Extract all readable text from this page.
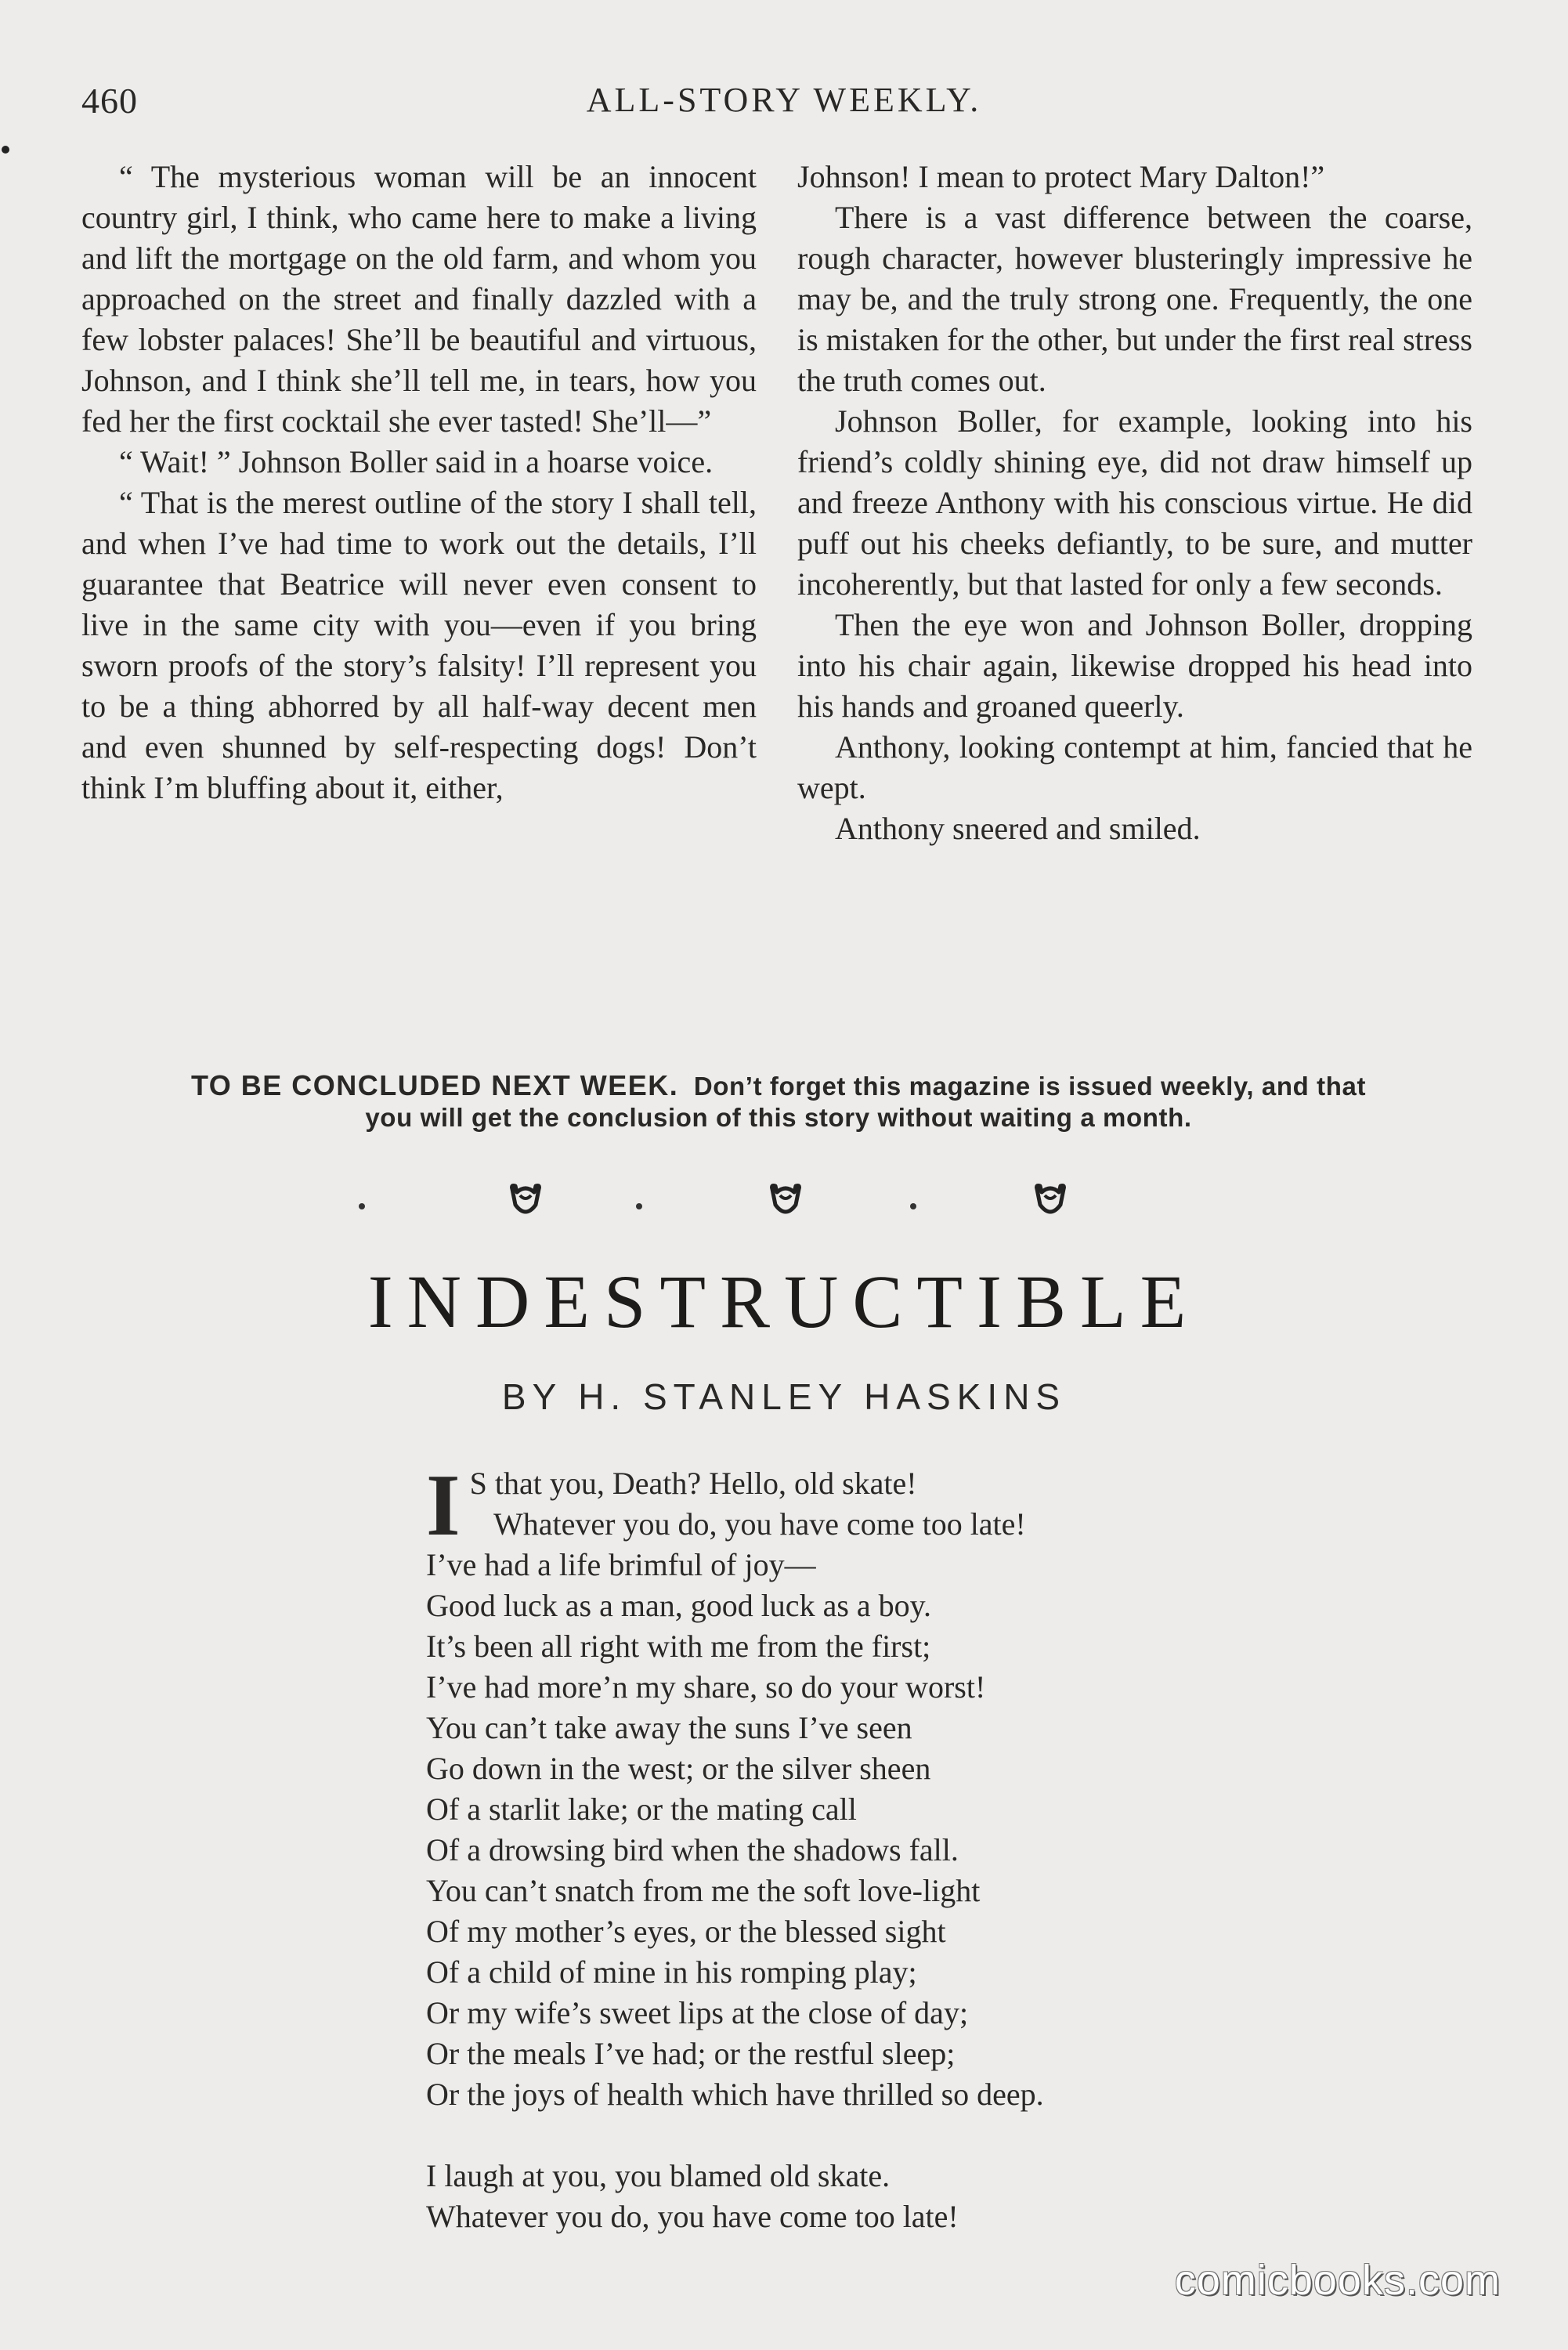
460	ALL-STORY WEEKLY.

“ The mysterious woman will be an innocent country girl, I think, who came here to make a living and lift the mortgage on the old farm, and whom you approached on the street and finally dazzled with a few lobster palaces! She’ll be beautiful and virtuous, Johnson, and I think she’ll tell me, in tears, how you fed her the first cocktail she ever tasted! She’ll—”

“ Wait! ” Johnson Boller said in a hoarse voice.

“ That is the merest outline of the story I shall tell, and when I’ve had time to work out the details, I’ll guarantee that Beatrice will never even consent to live in the same city with you—even if you bring sworn proofs of the story’s falsity! I’ll represent you to be a thing abhorred by all half-way decent men and even shunned by self-respecting dogs! Don’t think I’m bluffing about it, either,

Johnson! I mean to protect Mary Dalton!”

There is a vast difference between the coarse, rough character, however blusteringly impressive he may be, and the truly strong one. Frequently, the one is mistaken for the other, but under the first real stress the truth comes out.

Johnson Boller, for example, looking into his friend’s coldly shining eye, did not draw himself up and freeze Anthony with his conscious virtue. He did puff out his cheeks defiantly, to be sure, and mutter incoherently, but that lasted for only a few seconds.

Then the eye won and Johnson Boller, dropping into his chair again, likewise dropped his head into his hands and groaned queerly.

Anthony, looking contempt at him, fancied that he wept.

Anthony sneered and smiled.

TO BE CONCLUDED NEXT WEEK. Don’t forget this magazine is issued weekly, and that
you will get the conclusion of this story without waiting a month.
INDESTRUCTIBLE
BY H. STANLEY HASKINS
I S that you, Death? Hello, old skate!
Whatever you do, you have come too late!
I’ve had a life brimful of joy—
Good luck as a man, good luck as a boy.
It’s been all right with me from the first;
I’ve had more’n my share, so do your worst!
You can’t take away the suns I’ve seen
Go down in the west; or the silver sheen
Of a starlit lake; or the mating call
Of a drowsing bird when the shadows fall.
You can’t snatch from me the soft love-light
Of my mother’s eyes, or the blessed sight
Of a child of mine in his romping play;
Or my wife’s sweet lips at the close of day;
Or the meals I’ve had; or the restful sleep;
Or the joys of health which have thrilled so deep.
I laugh at you, you blamed old skate.
Whatever you do, you have come too late!
comicbooks.com
